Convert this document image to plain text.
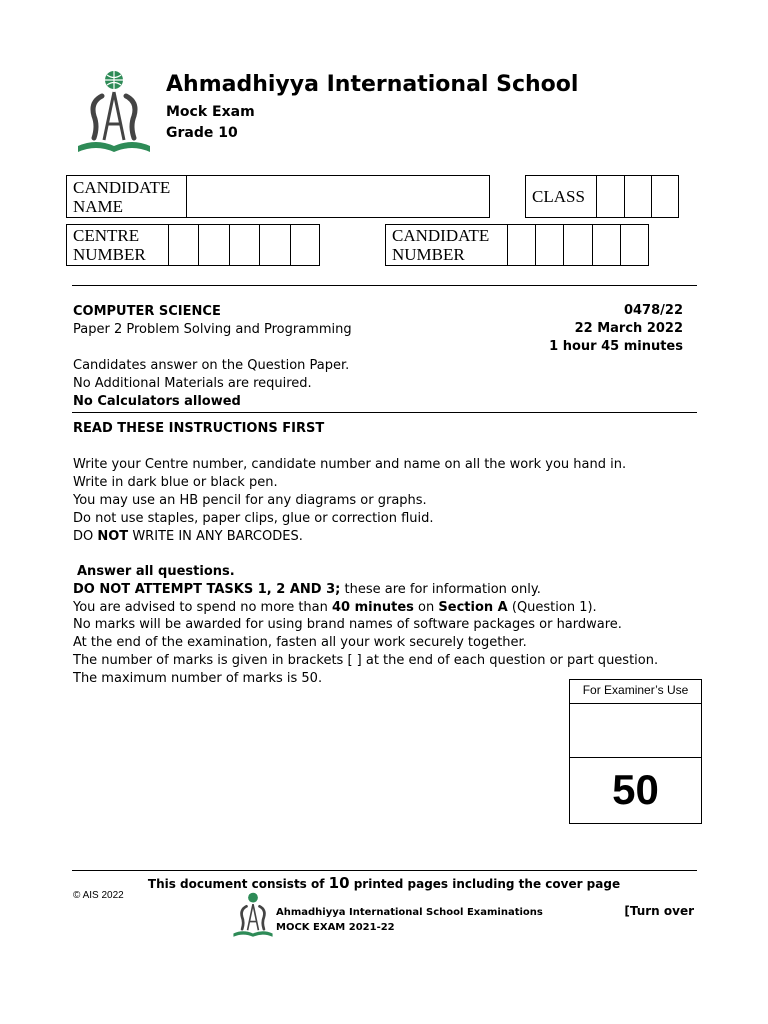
Ahmadhiyya International School
Mock Exam
Grade 10
CANDIDATE
NAME
CLASS
CENTRE
NUMBER
CANDIDATE
NUMBER
COMPUTER SCIENCE	0478/22
Paper 2 Problem Solving and Programming	22 March 2022
1 hour 45 minutes
Candidates answer on the Question Paper.
No Additional Materials are required.
No Calculators allowed
READ THESE INSTRUCTIONS FIRST
Write your Centre number, candidate number and name on all the work you hand in.
Write in dark blue or black pen.
You may use an HB pencil for any diagrams or graphs.
Do not use staples, paper clips, glue or correction fluid.
DO NOT WRITE IN ANY BARCODES.
Answer all questions.
DO NOT ATTEMPT TASKS 1, 2 AND 3; these are for information only.
You are advised to spend no more than 40 minutes on Section A (Question 1).
No marks will be awarded for using brand names of software packages or hardware.
At the end of the examination, fasten all your work securely together.
The number of marks is given in brackets [ ] at the end of each question or part question.
The maximum number of marks is 50.
For Examiner’s Use
50
This document consists of 10 printed pages including the cover page
© AIS 2022
Ahmadhiyya International School Examinations
MOCK EXAM 2021-22
[Turn over
